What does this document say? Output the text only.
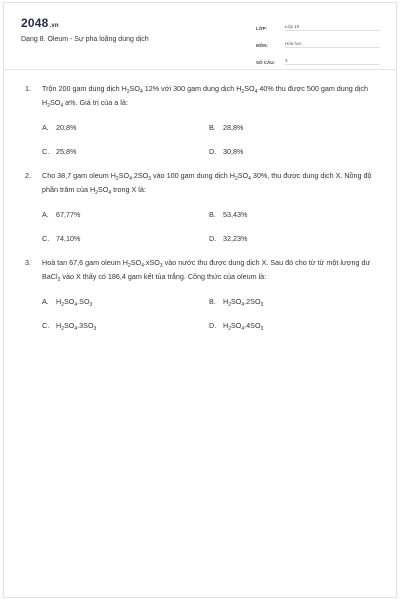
2048.vn
Dạng 8. Oleum - Sự pha loãng dung dịch
LỚP:	Lớp 10
MÔN:	Hóa học
SỐ CÂU:	3
1. Trộn 200 gam dung dịch $H_2SO_4$ 12% với 300 gam dung dịch $H_2SO_4$ 40% thu được 500 gam dung dịch $H_2SO_4$ a%. Giá trị của a là:

A.	20,8%	B.	28,8%
C. 25,8%	D. 30,8%
2. Cho 38,7 gam oleum $H_2SO_4.2SO_3$ vào 100 gam dung dịch $H_2SO_4$ 30%, thu được dung dịch X. Nồng độ phần trăm của $H_2SO_4$ trong X là:

A.	67,77%	B.	53,43%
C. 74,10%	D. 32,23%
3. Hoà tan 67,6 gam oleum $H_2SO_4.xSO_3$ vào nước thu được dung dịch X. Sau đó cho từ từ một lượng dư BaCl$_2$ vào X thấy có 186,4 gam kết tủa trắng. Công thức của oleum là:

A.	$H_2SO_4.SO_3$	B.	$H_2SO_4.2SO_3$
C. $H_2SO_4.3SO_3$	D. $H_2SO_4.4SO_3$
